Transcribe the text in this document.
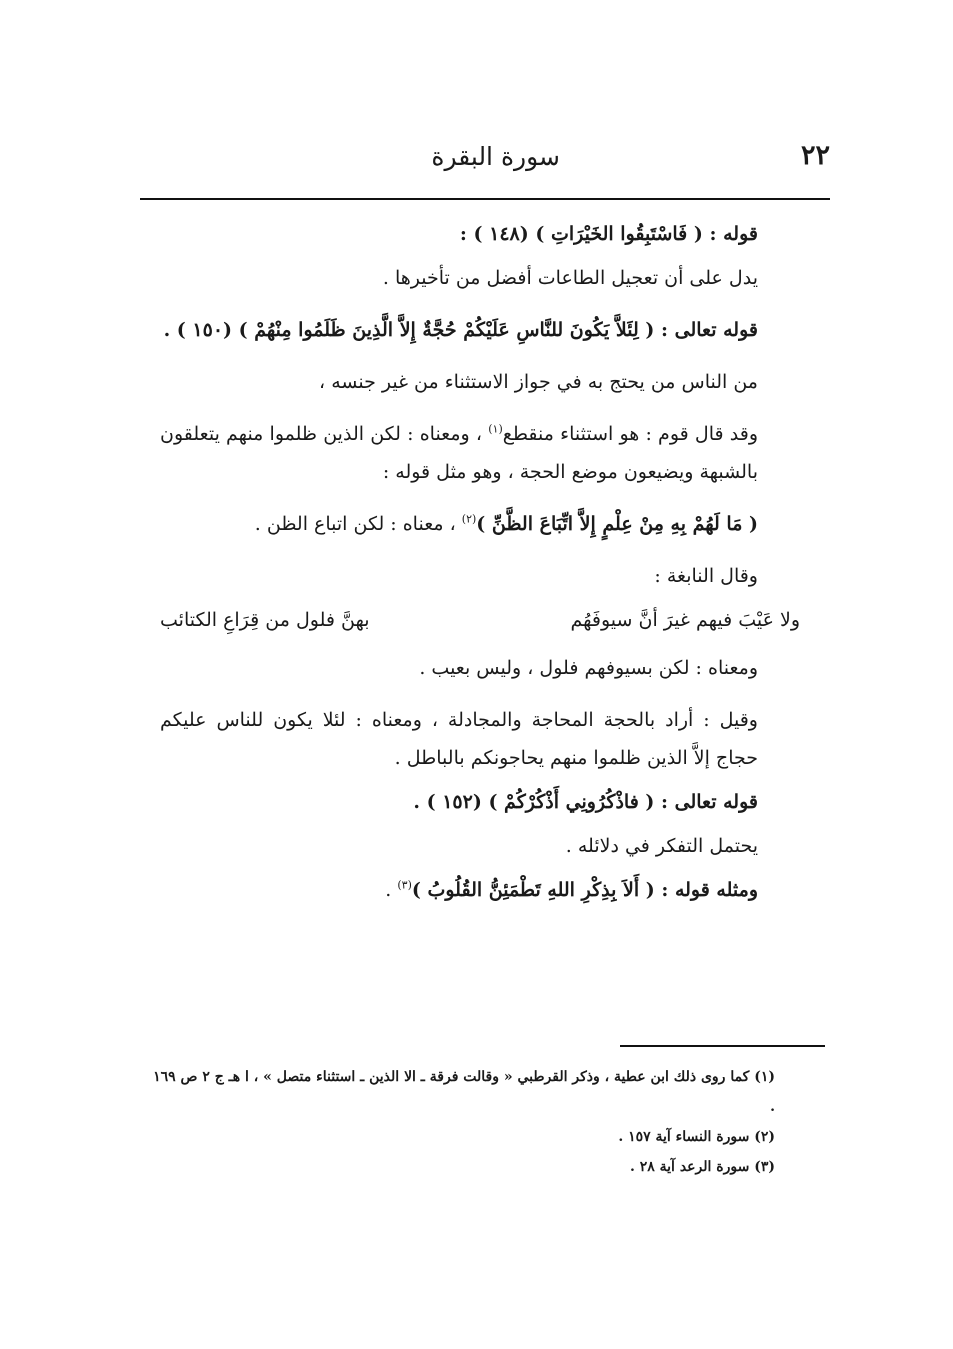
٢٢
سورة البقرة

قوله : ( فَاسْتَبِقُوا الخَيْرَاتِ ) (١٤٨ ) :

يدل على أن تعجيل الطاعات أفضل من تأخيرها .

قوله تعالى : ( لِئَلاَّ يَكُونَ للنَّاسِ عَلَيْكُمْ حُجَّةٌ إِلاَّ الَّذِينَ ظَلَمُوا مِنْهُمْ ) (١٥٠ ) .

من الناس من يحتج به في جواز الاستثناء من غير جنسه ،

وقد قال قوم : هو استثناء منقطع$^{(١)}$ ، ومعناه : لكن الذين ظلموا منهم يتعلقون بالشبهة ويضيعون موضع الحجة ، وهو مثل قوله :

( مَا لَهُمْ بِهِ مِنْ عِلْمٍ إِلاَّ اتِّبَاعَ الظَّنِّ )$^{(٢)}$ ، معناه : لكن اتباع الظن .

وقال النابغة :

ولا عَيْبَ فيهم غيرَ أنَّ سيوفَهُم
بهنَّ فلول من قِرَاعِ الكتائب

ومعناه : لكن بسيوفهم فلول ، وليس بعيب .

وقيل : أراد بالحجة المحاجة والمجادلة ، ومعناه : لئلا يكون للناس عليكم حجاج إلاَّ الذين ظلموا منهم يحاجونكم بالباطل .

قوله تعالى : ( فاذْكُرُونِي أَذْكُرْكُمْ ) (١٥٢ ) .

يحتمل التفكر في دلائله .

ومثله قوله : ( أَلاَ بِذِكْرِ اللهِ تَطْمَئِنُّ القُلُوبُ )$^{(٣)}$ .

(١) كما روى ذلك ابن عطية ، وذكر القرطبي « وقالت فرقة ـ الا الذين ـ استثناء متصل » ، ا هـ ج ٢ ص ١٦٩ .

(٢) سورة النساء آية ١٥٧ .

(٣) سورة الرعد آية ٢٨ .
